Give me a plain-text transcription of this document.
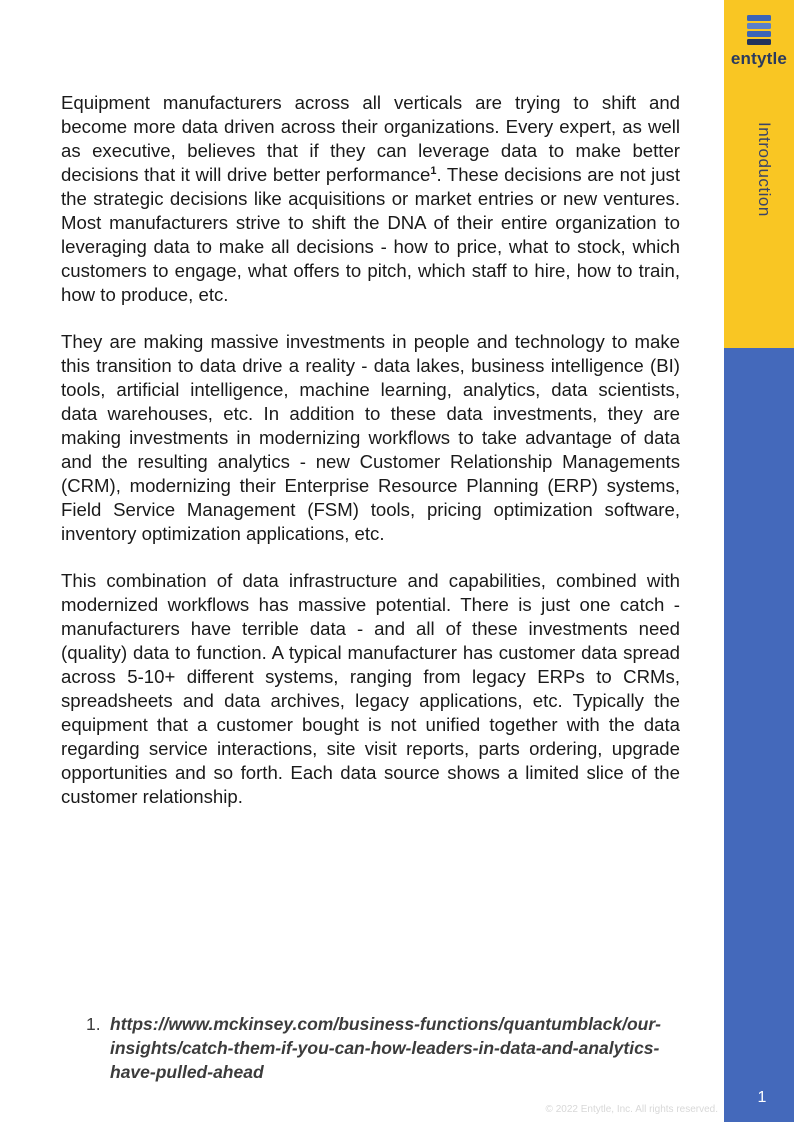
Equipment manufacturers across all verticals are trying to shift and become more data driven across their organizations. Every expert, as well as executive, believes that if they can leverage data to make better decisions that it will drive better performance$^1$. These decisions are not just the strategic decisions like acquisitions or market entries or new ventures. Most manufacturers strive to shift the DNA of their entire organization to leveraging data to make all decisions - how to price, what to stock, which customers to engage, what offers to pitch, which staff to hire, how to train, how to produce, etc.

They are making massive investments in people and technology to make this transition to data drive a reality - data lakes, business intelligence (BI) tools, artificial intelligence, machine learning, analytics, data scientists, data warehouses, etc. In addition to these data investments, they are making investments in modernizing workflows to take advantage of data and the resulting analytics - new Customer Relationship Managements (CRM), modernizing their Enterprise Resource Planning (ERP) systems, Field Service Management (FSM) tools, pricing optimization software, inventory optimization applications, etc.

This combination of data infrastructure and capabilities, combined with modernized workflows has massive potential. There is just one catch - manufacturers have terrible data - and all of these investments need (quality) data to function. A typical manufacturer has customer data spread across 5-10+ different systems, ranging from legacy ERPs to CRMs, spreadsheets and data archives, legacy applications, etc. Typically the equipment that a customer bought is not unified together with the data regarding service interactions, site visit reports, parts ordering, upgrade opportunities and so forth. Each data source shows a limited slice of the customer relationship.

1. https://www.mckinsey.com/business-functions/quantumblack/our-insights/catch-them-if-you-can-how-leaders-in-data-and-analytics-have-pulled-ahead
© 2022 Entytle, Inc. All rights reserved.
entytle
Introduction
1
